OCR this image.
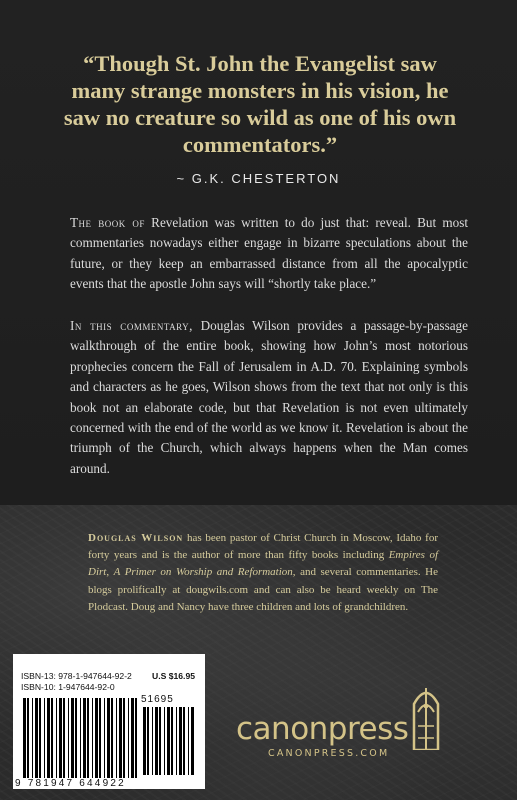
“Though St. John the Evangelist saw many strange monsters in his vision, he saw no creature so wild as one of his own commentators.”

~ G.K. CHESTERTON

The book of Revelation was written to do just that: reveal. But most commentaries nowadays either engage in bizarre speculations about the future, or they keep an embarrassed distance from all the apocalyptic events that the apostle John says will “shortly take place.”

In this commentary, Douglas Wilson provides a passage-by-passage walkthrough of the entire book, showing how John’s most notorious prophecies concern the Fall of Jerusalem in A.D. 70. Explaining symbols and characters as he goes, Wilson shows from the text that not only is this book not an elaborate code, but that Revelation is not even ultimately concerned with the end of the world as we know it. Revelation is about the triumph of the Church, which always happens when the Man comes around.

Douglas Wilson has been pastor of Christ Church in Moscow, Idaho for forty years and is the author of more than fifty books including Empires of Dirt, A Primer on Worship and Reformation, and several commentaries. He blogs prolifically at dougwils.com and can also be heard weekly on The Plodcast. Doug and Nancy have three children and lots of grandchildren.

ISBN-13: 978-1-947644-92-2
ISBN-10: 1-947644-92-0
U.S $16.95
51695
9 781947 644922

canonpress

CANONPRESS.COM
